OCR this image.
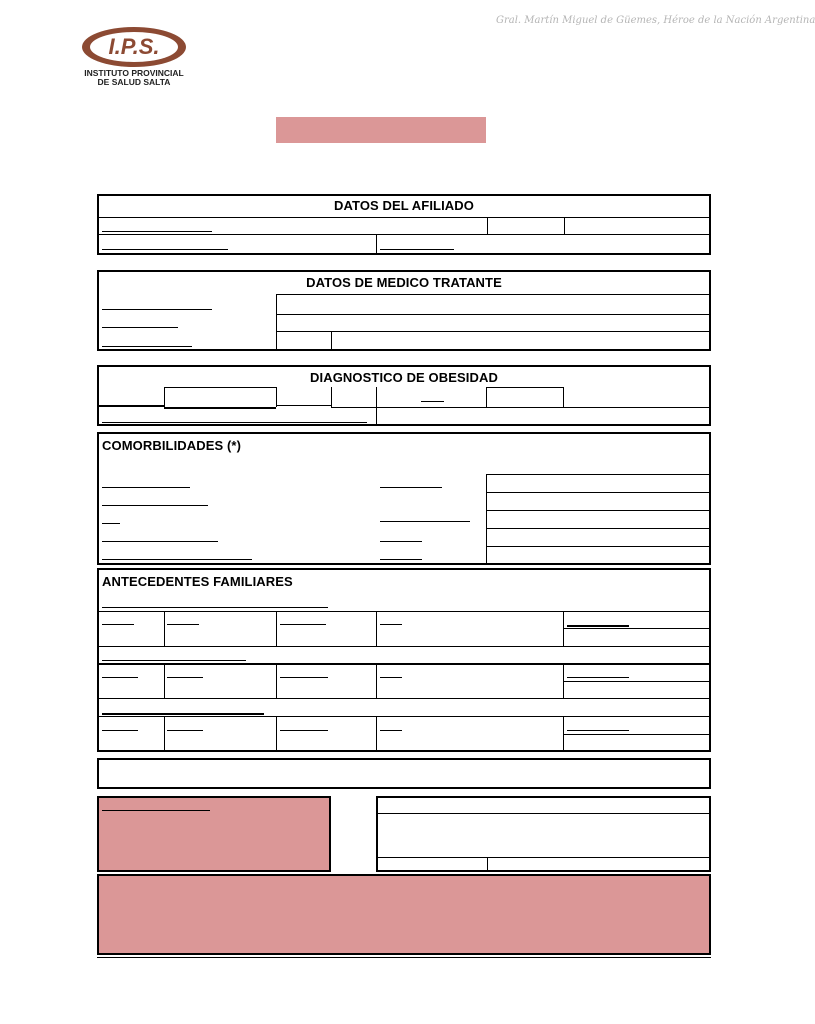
Gral. Martín Miguel de Güemes, Héroe de la Nación Argentina
I.P.S.
INSTITUTO PROVINCIAL
DE SALUD SALTA
DATOS DEL AFILIADO
DATOS DE MEDICO TRATANTE
DIAGNOSTICO DE OBESIDAD
COMORBILIDADES (*)
ANTECEDENTES FAMILIARES
